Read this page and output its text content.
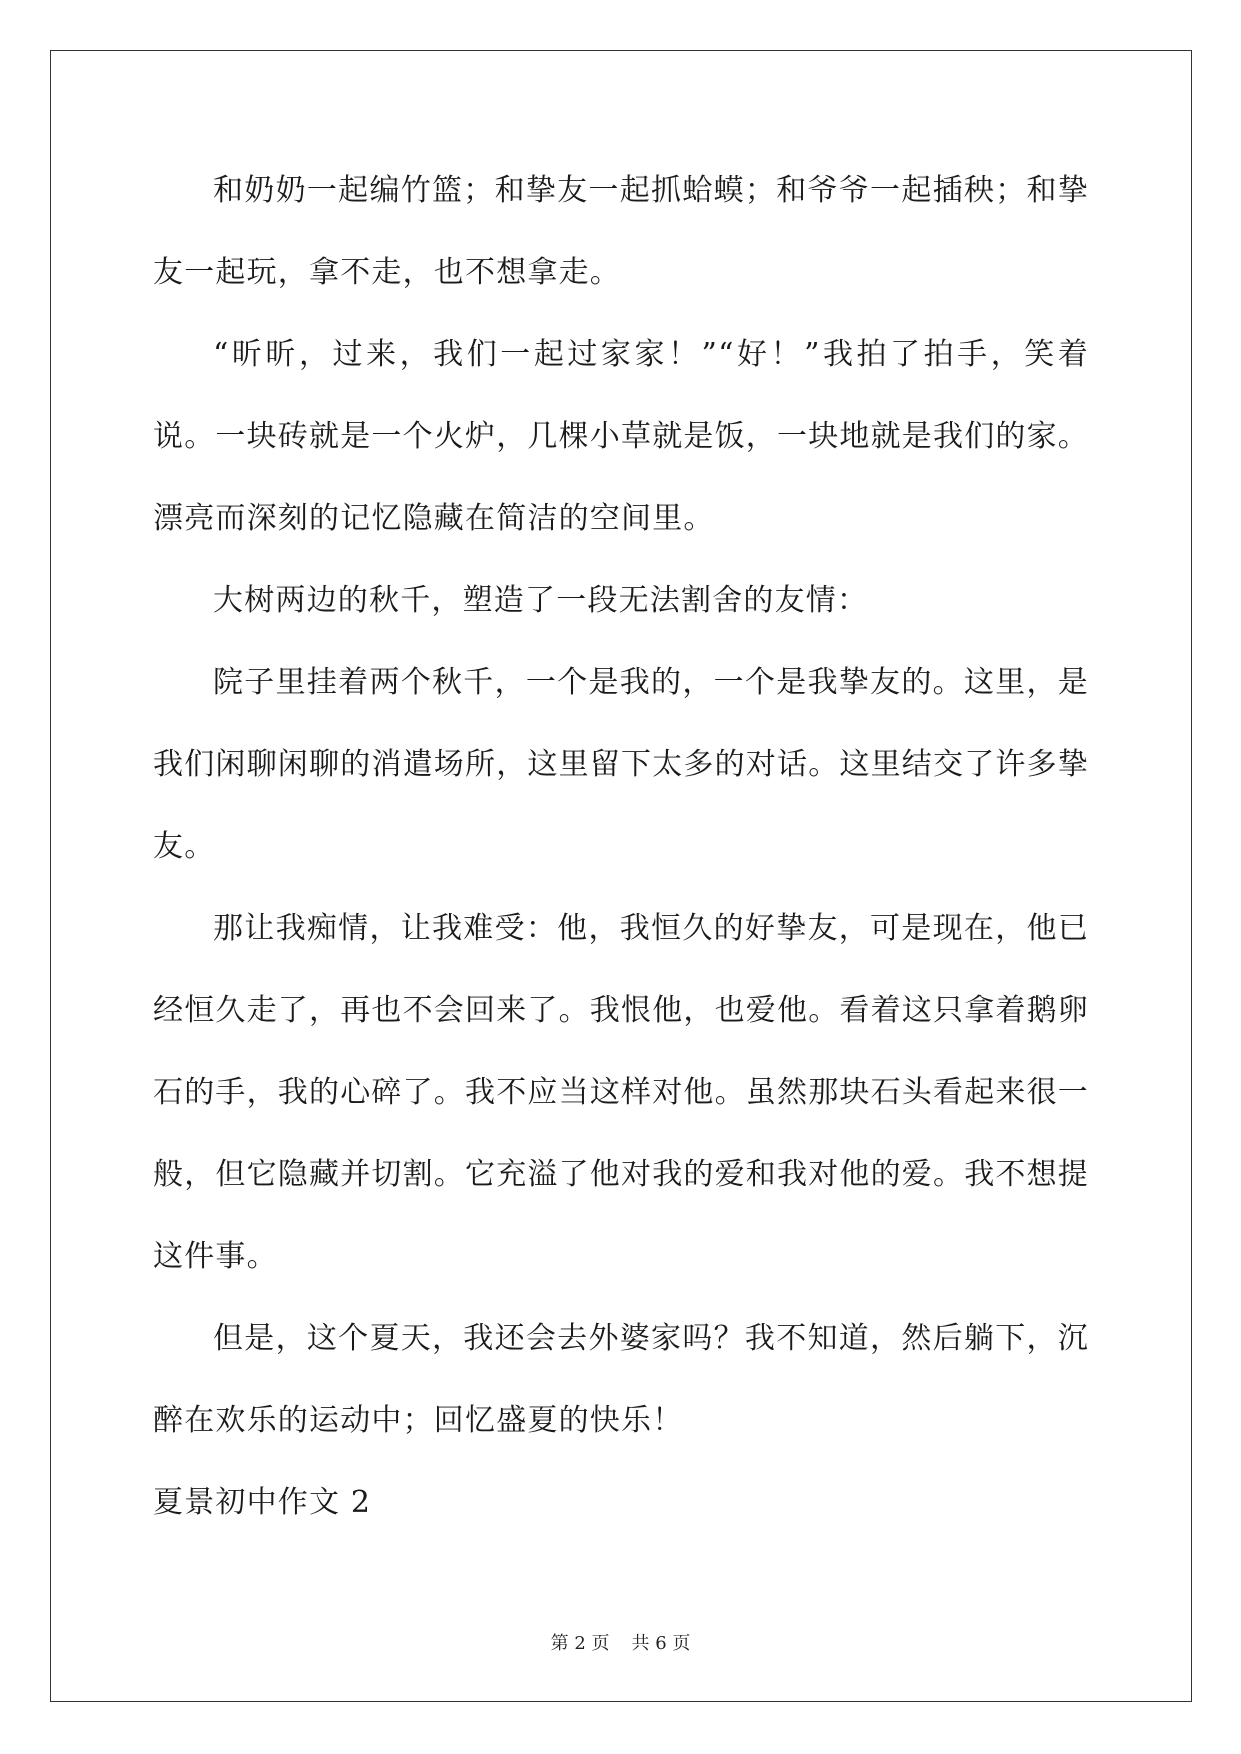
和奶奶一起编竹篮；和挚友一起抓蛤蟆；和爷爷一起插秧；和挚友一起玩，拿不走，也不想拿走。

“昕昕，过来，我们一起过家家！”“好！”我拍了拍手，笑着说。一块砖就是一个火炉，几棵小草就是饭，一块地就是我们的家。漂亮而深刻的记忆隐藏在简洁的空间里。

大树两边的秋千，塑造了一段无法割舍的友情：

院子里挂着两个秋千，一个是我的，一个是我挚友的。这里，是我们闲聊闲聊的消遣场所，这里留下太多的对话。这里结交了许多挚友。

那让我痴情，让我难受：他，我恒久的好挚友，可是现在，他已经恒久走了，再也不会回来了。我恨他，也爱他。看着这只拿着鹅卵石的手，我的心碎了。我不应当这样对他。虽然那块石头看起来很一般，但它隐藏并切割。它充溢了他对我的爱和我对他的爱。我不想提这件事。

但是，这个夏天，我还会去外婆家吗？我不知道，然后躺下，沉醉在欢乐的运动中；回忆盛夏的快乐！

夏景初中作文 2

第 2 页 共 6 页
